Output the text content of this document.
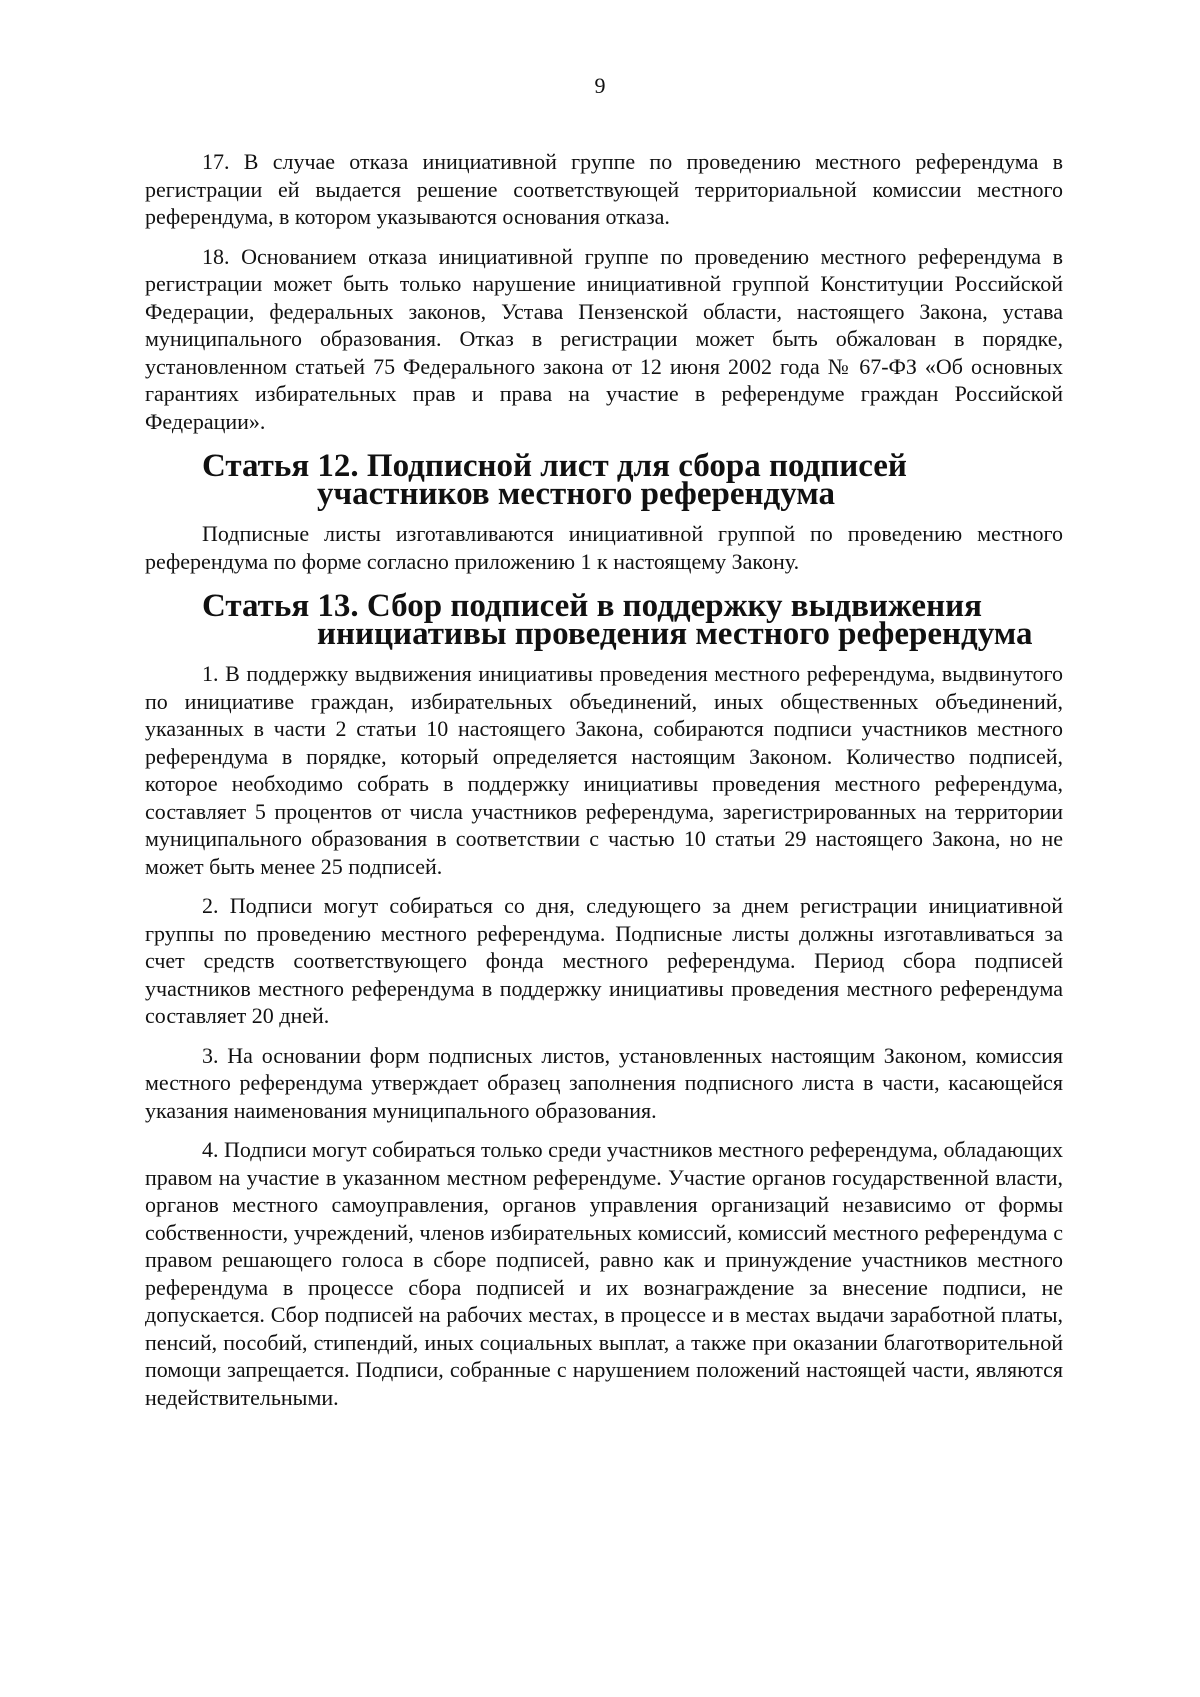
9

17. В случае отказа инициативной группе по проведению местного референдума в регистрации ей выдается решение соответствующей территориальной комиссии местного референдума, в котором указываются основания отказа.

18. Основанием отказа инициативной группе по проведению местного референдума в регистрации может быть только нарушение инициативной группой Конституции Российской Федерации, федеральных законов, Устава Пензенской области, настоящего Закона, устава муниципального образования. Отказ в регистрации может быть обжалован в порядке, установленном статьей 75 Федерального закона от 12 июня 2002 года № 67-ФЗ «Об основных гарантиях избирательных прав и права на участие в референдуме граждан Российской Федерации».

Статья 12. Подписной лист для сбора подписей участников местного референдума

Подписные листы изготавливаются инициативной группой по проведению местного референдума по форме согласно приложению 1 к настоящему Закону.

Статья 13. Сбор подписей в поддержку выдвижения инициативы проведения местного референдума

1. В поддержку выдвижения инициативы проведения местного референдума, выдвинутого по инициативе граждан, избирательных объединений, иных общественных объединений, указанных в части 2 статьи 10 настоящего Закона, собираются подписи участников местного референдума в порядке, который определяется настоящим Законом. Количество подписей, которое необходимо собрать в поддержку инициативы проведения местного референдума, составляет 5 процентов от числа участников референдума, зарегистрированных на территории муниципального образования в соответствии с частью 10 статьи 29 настоящего Закона, но не может быть менее 25 подписей.

2. Подписи могут собираться со дня, следующего за днем регистрации инициативной группы по проведению местного референдума. Подписные листы должны изготавливаться за счет средств соответствующего фонда местного референдума. Период сбора подписей участников местного референдума в поддержку инициативы проведения местного референдума составляет 20 дней.

3. На основании форм подписных листов, установленных настоящим Законом, комиссия местного референдума утверждает образец заполнения подписного листа в части, касающейся указания наименования муниципального образования.

4. Подписи могут собираться только среди участников местного референдума, обладающих правом на участие в указанном местном референдуме. Участие органов государственной власти, органов местного самоуправления, органов управления организаций независимо от формы собственности, учреждений, членов избирательных комиссий, комиссий местного референдума с правом решающего голоса в сборе подписей, равно как и принуждение участников местного референдума в процессе сбора подписей и их вознаграждение за внесение подписи, не допускается. Сбор подписей на рабочих местах, в процессе и в местах выдачи заработной платы, пенсий, пособий, стипендий, иных социальных выплат, а также при оказании благотворительной помощи запрещается. Подписи, собранные с нарушением положений настоящей части, являются недействительными.
